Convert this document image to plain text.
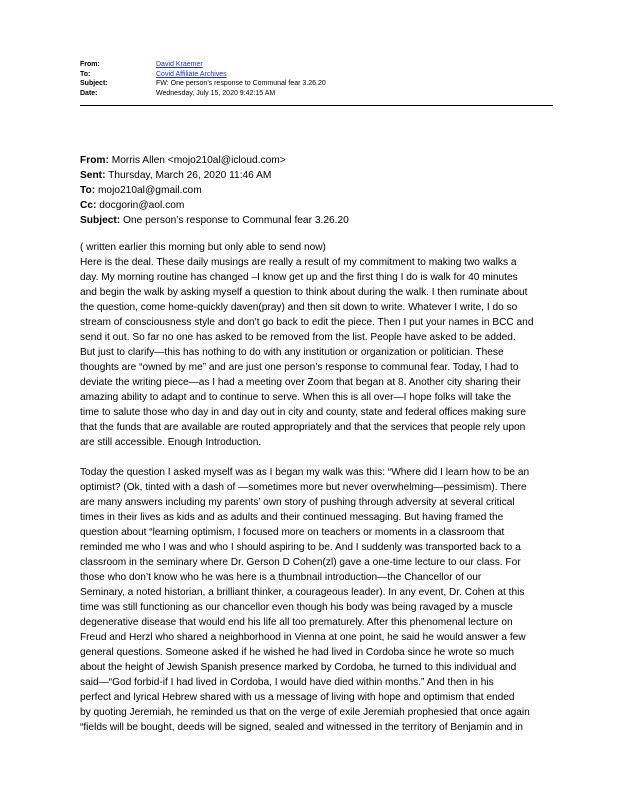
From:	David Kraemer
To:	Covid Affiliate Archives
Subject:	FW: One person’s response to Communal fear 3.26.20
Date:	Wednesday, July 15, 2020 9:42:15 AM
From: Morris Allen <mojo210al@icloud.com>
Sent: Thursday, March 26, 2020 11:46 AM
To: mojo210al@gmail.com
Cc: docgorin@aol.com
Subject: One person’s response to Communal fear 3.26.20
( written earlier this morning but only able to send now)
Here is the deal. These daily musings are really a result of my commitment to making two walks a
day. My morning routine has changed –I know get up and the first thing I do is walk for 40 minutes
and begin the walk by asking myself a question to think about during the walk. I then ruminate about
the question, come home-quickly daven(pray) and then sit down to write. Whatever I write, I do so
stream of consciousness style and don’t go back to edit the piece. Then I put your names in BCC and
send it out. So far no one has asked to be removed from the list. People have asked to be added.
But just to clarify—this has nothing to do with any institution or organization or politician. These
thoughts are “owned by me” and are just one person’s response to communal fear. Today, I had to
deviate the writing piece—as I had a meeting over Zoom that began at 8. Another city sharing their
amazing ability to adapt and to continue to serve. When this is all over—I hope folks will take the
time to salute those who day in and day out in city and county, state and federal offices making sure
that the funds that are available are routed appropriately and that the services that people rely upon
are still accessible. Enough Introduction.
Today the question I asked myself was as I began my walk was this: “Where did I learn how to be an
optimist? (Ok, tinted with a dash of —sometimes more but never overwhelming—pessimism). There
are many answers including my parents’ own story of pushing through adversity at several critical
times in their lives as kids and as adults and their continued messaging. But having framed the
question about “learning optimism, I focused more on teachers or moments in a classroom that
reminded me who I was and who I should aspiring to be. And I suddenly was transported back to a
classroom in the seminary where Dr. Gerson D Cohen(zl) gave a one-time lecture to our class. For
those who don’t know who he was here is a thumbnail introduction—the Chancellor of our
Seminary, a noted historian, a brilliant thinker, a courageous leader). In any event, Dr. Cohen at this
time was still functioning as our chancellor even though his body was being ravaged by a muscle
degenerative disease that would end his life all too prematurely. After this phenomenal lecture on
Freud and Herzl who shared a neighborhood in Vienna at one point, he said he would answer a few
general questions. Someone asked if he wished he had lived in Cordoba since he wrote so much
about the height of Jewish Spanish presence marked by Cordoba, he turned to this individual and
said—“God forbid-if I had lived in Cordoba, I would have died within months.” And then in his
perfect and lyrical Hebrew shared with us a message of living with hope and optimism that ended
by quoting Jeremiah, he reminded us that on the verge of exile Jeremiah prophesied that once again
“fields will be bought, deeds will be signed, sealed and witnessed in the territory of Benjamin and in
